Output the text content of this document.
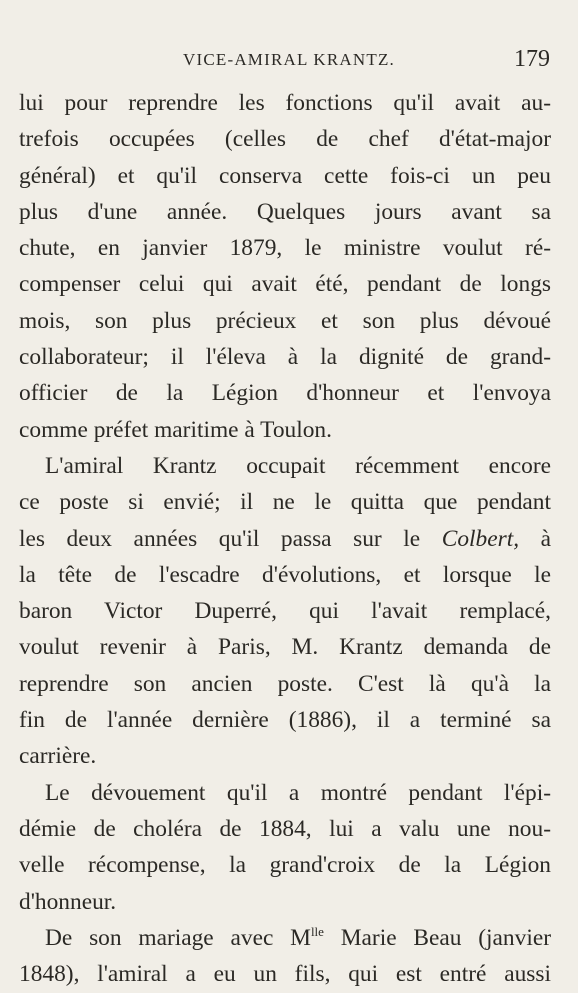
VICE-AMIRAL KRANTZ.	179
lui pour reprendre les fonctions qu'il avait au-
trefois occupées (celles de chef d'état-major
général) et qu'il conserva cette fois-ci un peu
plus d'une année. Quelques jours avant sa
chute, en janvier 1879, le ministre voulut ré-
compenser celui qui avait été, pendant de longs
mois, son plus précieux et son plus dévoué
collaborateur; il l'éleva à la dignité de grand-
officier de la Légion d'honneur et l'envoya
comme préfet maritime à Toulon.
L'amiral Krantz occupait récemment encore
ce poste si envié; il ne le quitta que pendant
les deux années qu'il passa sur le Colbert, à
la tête de l'escadre d'évolutions, et lorsque le
baron Victor Duperré, qui l'avait remplacé,
voulut revenir à Paris, M. Krantz demanda de
reprendre son ancien poste. C'est là qu'à la
fin de l'année dernière (1886), il a terminé sa
carrière.
Le dévouement qu'il a montré pendant l'épi-
démie de choléra de 1884, lui a valu une nou-
velle récompense, la grand'croix de la Légion
d'honneur.
De son mariage avec $M^{lle}$ Marie Beau (janvier
1848), l'amiral a eu un fils, qui est entré aussi
